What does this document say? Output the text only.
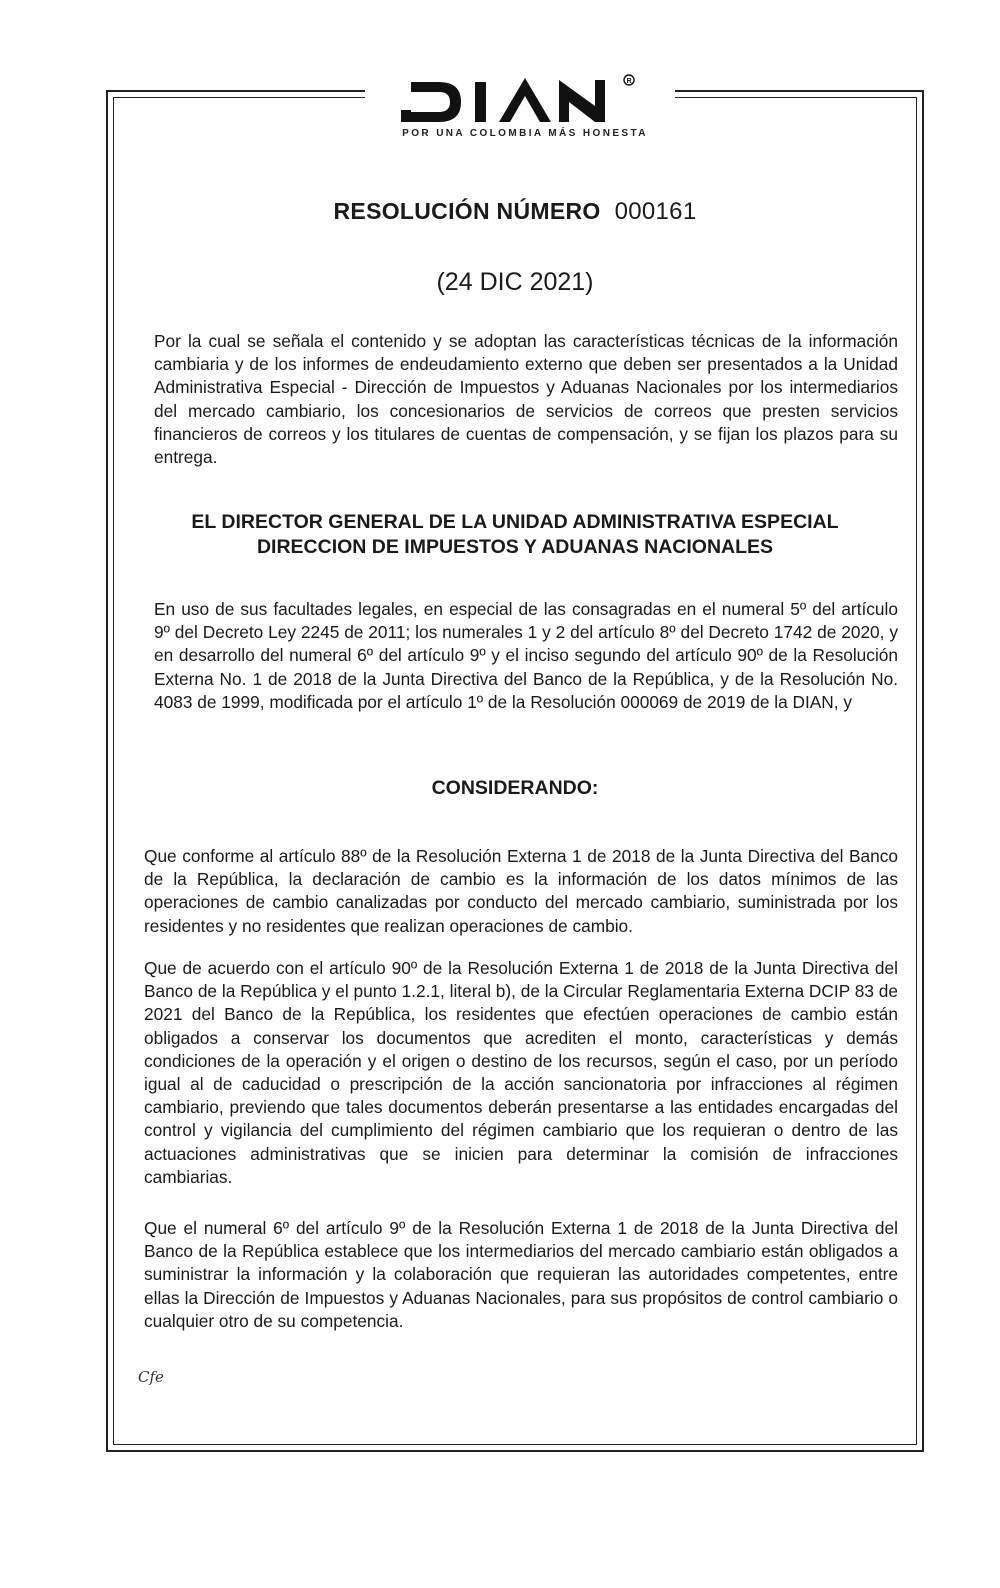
R
POR UNA COLOMBIA MÁS HONESTA
RESOLUCIÓN NÚMERO 000161
(24 DIC 2021)

Por la cual se señala el contenido y se adoptan las características técnicas de la información cambiaria y de los informes de endeudamiento externo que deben ser presentados a la Unidad Administrativa Especial - Dirección de Impuestos y Aduanas Nacionales por los intermediarios del mercado cambiario, los concesionarios de servicios de correos que presten servicios financieros de correos y los titulares de cuentas de compensación, y se fijan los plazos para su entrega.

EL DIRECTOR GENERAL DE LA UNIDAD ADMINISTRATIVA ESPECIAL

DIRECCION DE IMPUESTOS Y ADUANAS NACIONALES

En uso de sus facultades legales, en especial de las consagradas en el numeral 5º del artículo 9º del Decreto Ley 2245 de 2011; los numerales 1 y 2 del artículo 8º del Decreto 1742 de 2020, y en desarrollo del numeral 6º del artículo 9º y el inciso segundo del artículo 90º de la Resolución Externa No. 1 de 2018 de la Junta Directiva del Banco de la República, y de la Resolución No. 4083 de 1999, modificada por el artículo 1º de la Resolución 000069 de 2019 de la DIAN, y

CONSIDERANDO:

Que conforme al artículo 88º de la Resolución Externa 1 de 2018 de la Junta Directiva del Banco de la República, la declaración de cambio es la información de los datos mínimos de las operaciones de cambio canalizadas por conducto del mercado cambiario, suministrada por los residentes y no residentes que realizan operaciones de cambio.

Que de acuerdo con el artículo 90º de la Resolución Externa 1 de 2018 de la Junta Directiva del Banco de la República y el punto 1.2.1, literal b), de la Circular Reglamentaria Externa DCIP 83 de 2021 del Banco de la República, los residentes que efectúen operaciones de cambio están obligados a conservar los documentos que acrediten el monto, características y demás condiciones de la operación y el origen o destino de los recursos, según el caso, por un período igual al de caducidad o prescripción de la acción sancionatoria por infracciones al régimen cambiario, previendo que tales documentos deberán presentarse a las entidades encargadas del control y vigilancia del cumplimiento del régimen cambiario que los requieran o dentro de las actuaciones administrativas que se inicien para determinar la comisión de infracciones cambiarias.

Que el numeral 6º del artículo 9º de la Resolución Externa 1 de 2018 de la Junta Directiva del Banco de la República establece que los intermediarios del mercado cambiario están obligados a suministrar la información y la colaboración que requieran las autoridades competentes, entre ellas la Dirección de Impuestos y Aduanas Nacionales, para sus propósitos de control cambiario o cualquier otro de su competencia.

Cfe
